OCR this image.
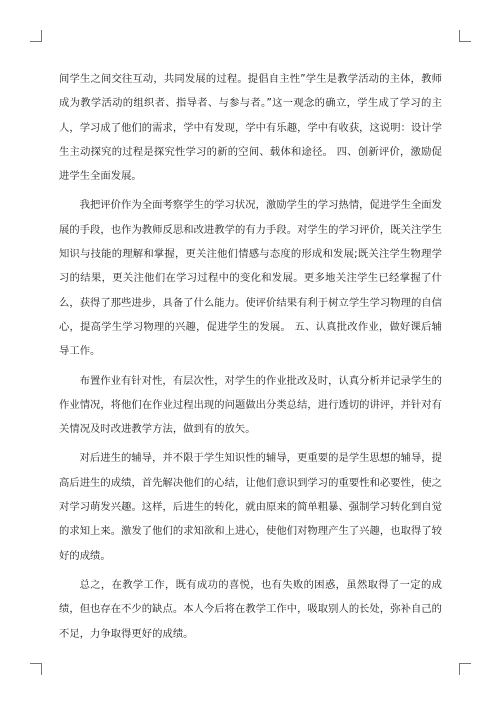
间学生之间交往互动，共同发展的过程。提倡自主性”学生是教学活动的主体，教师成为教学活动的组织者、指导者、与参与者。”这一观念的确立，学生成了学习的主人，学习成了他们的需求，学中有发现，学中有乐趣，学中有收获，这说明：设计学生主动探究的过程是探究性学习的新的空间、载体和途径。 四、创新评价，激励促进学生全面发展。

我把评价作为全面考察学生的学习状况，激励学生的学习热情，促进学生全面发展的手段，也作为教师反思和改进教学的有力手段。对学生的学习评价，既关注学生知识与技能的理解和掌握，更关注他们情感与态度的形成和发展;既关注学生物理学习的结果，更关注他们在学习过程中的变化和发展。更多地关注学生已经掌握了什么，获得了那些进步，具备了什么能力。使评价结果有利于树立学生学习物理的自信心，提高学生学习物理的兴趣，促进学生的发展。 五、认真批改作业，做好课后辅导工作。

布置作业有针对性，有层次性，对学生的作业批改及时，认真分析并记录学生的作业情况，将他们在作业过程出现的问题做出分类总结，进行透切的讲评，并针对有关情况及时改进教学方法，做到有的放矢。

对后进生的辅导，并不限于学生知识性的辅导，更重要的是学生思想的辅导，提高后进生的成绩，首先解决他们的心结，让他们意识到学习的重要性和必要性，使之对学习萌发兴趣。这样，后进生的转化，就由原来的简单粗暴、强制学习转化到自觉的求知上来。激发了他们的求知欲和上进心，使他们对物理产生了兴趣，也取得了较好的成绩。

总之，在教学工作，既有成功的喜悦，也有失败的困惑，虽然取得了一定的成绩，但也存在不少的缺点。本人今后将在教学工作中，吸取别人的长处，弥补自己的不足，力争取得更好的成绩。
